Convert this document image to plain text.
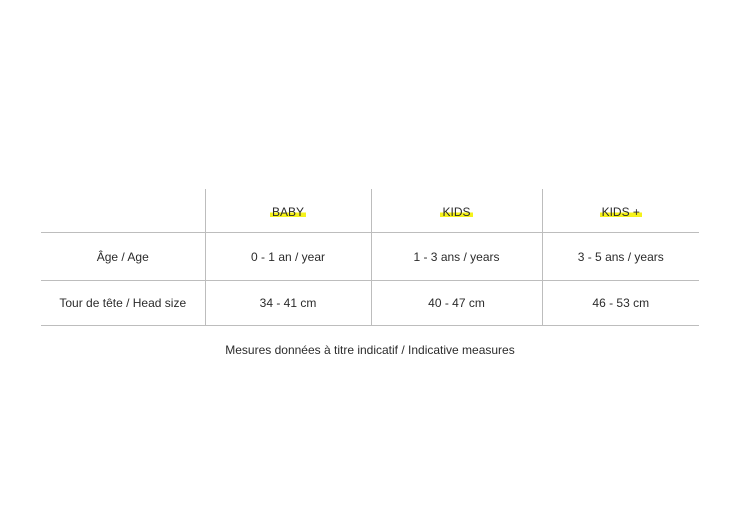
	BABY	KIDS	KIDS +
Âge / Age	0 - 1 an / year	1 - 3 ans / years	3 - 5 ans / years
Tour de tête / Head size	34 - 41 cm	40 - 47 cm	46 - 53 cm
Mesures données à titre indicatif / Indicative measures
